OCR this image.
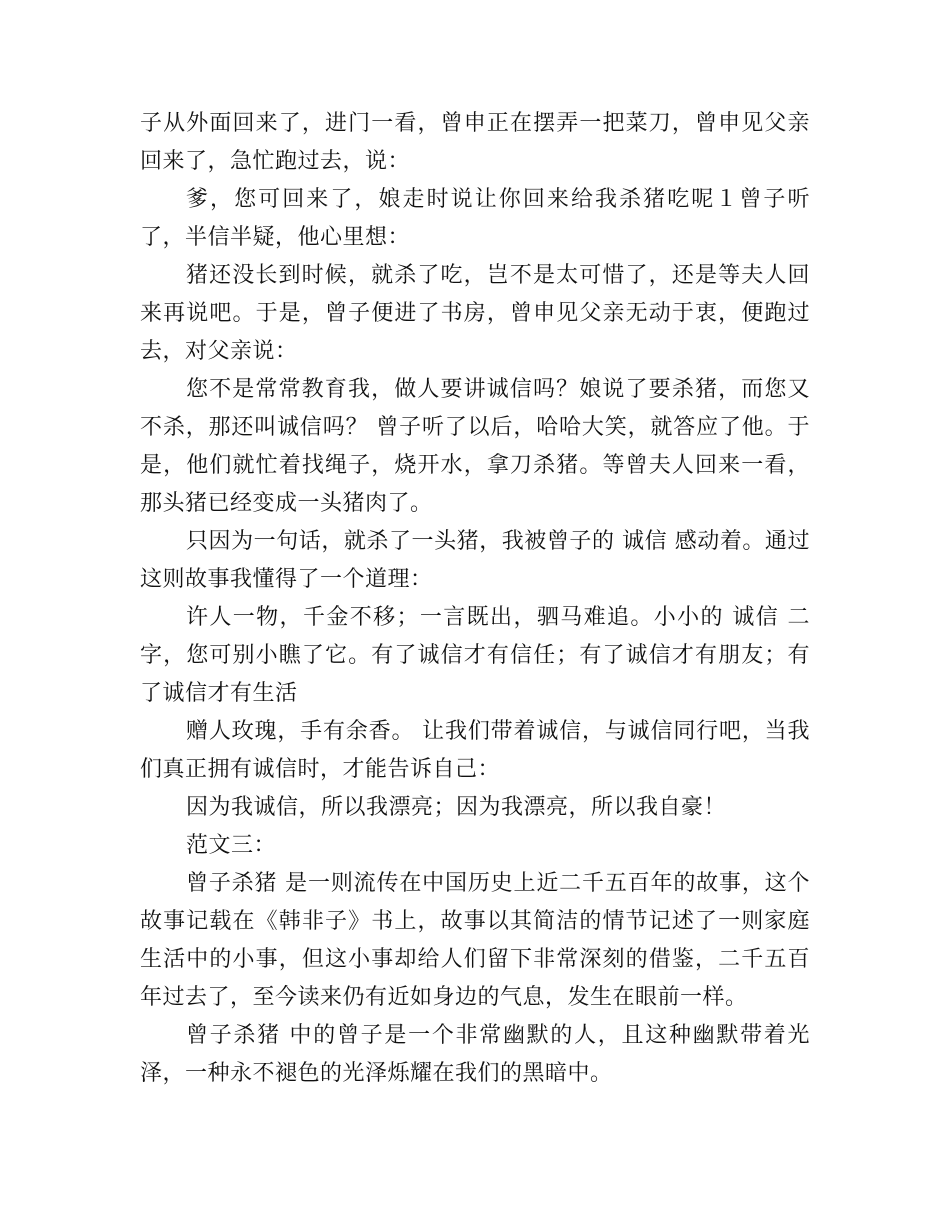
子从外面回来了，进门一看，曾申正在摆弄一把菜刀，曾申见父亲回来了，急忙跑过去，说：

爹，您可回来了，娘走时说让你回来给我杀猪吃呢１曾子听了，半信半疑，他心里想：

猪还没长到时候，就杀了吃，岂不是太可惜了，还是等夫人回来再说吧。于是，曾子便进了书房，曾申见父亲无动于衷，便跑过去，对父亲说：

您不是常常教育我，做人要讲诚信吗？娘说了要杀猪，而您又不杀，那还叫诚信吗？ 曾子听了以后，哈哈大笑，就答应了他。于是，他们就忙着找绳子，烧开水，拿刀杀猪。等曾夫人回来一看，那头猪已经变成一头猪肉了。

只因为一句话，就杀了一头猪，我被曾子的 诚信 感动着。通过这则故事我懂得了一个道理：

许人一物，千金不移；一言既出，驷马难追。小小的 诚信 二字，您可别小瞧了它。有了诚信才有信任；有了诚信才有朋友；有了诚信才有生活

赠人玫瑰，手有余香。 让我们带着诚信，与诚信同行吧，当我们真正拥有诚信时，才能告诉自己：

因为我诚信，所以我漂亮；因为我漂亮，所以我自豪！

范文三：

曾子杀猪 是一则流传在中国历史上近二千五百年的故事，这个故事记载在《韩非子》书上，故事以其简洁的情节记述了一则家庭生活中的小事，但这小事却给人们留下非常深刻的借鉴，二千五百年过去了，至今读来仍有近如身边的气息，发生在眼前一样。

曾子杀猪 中的曾子是一个非常幽默的人，且这种幽默带着光泽，一种永不褪色的光泽烁耀在我们的黑暗中。
